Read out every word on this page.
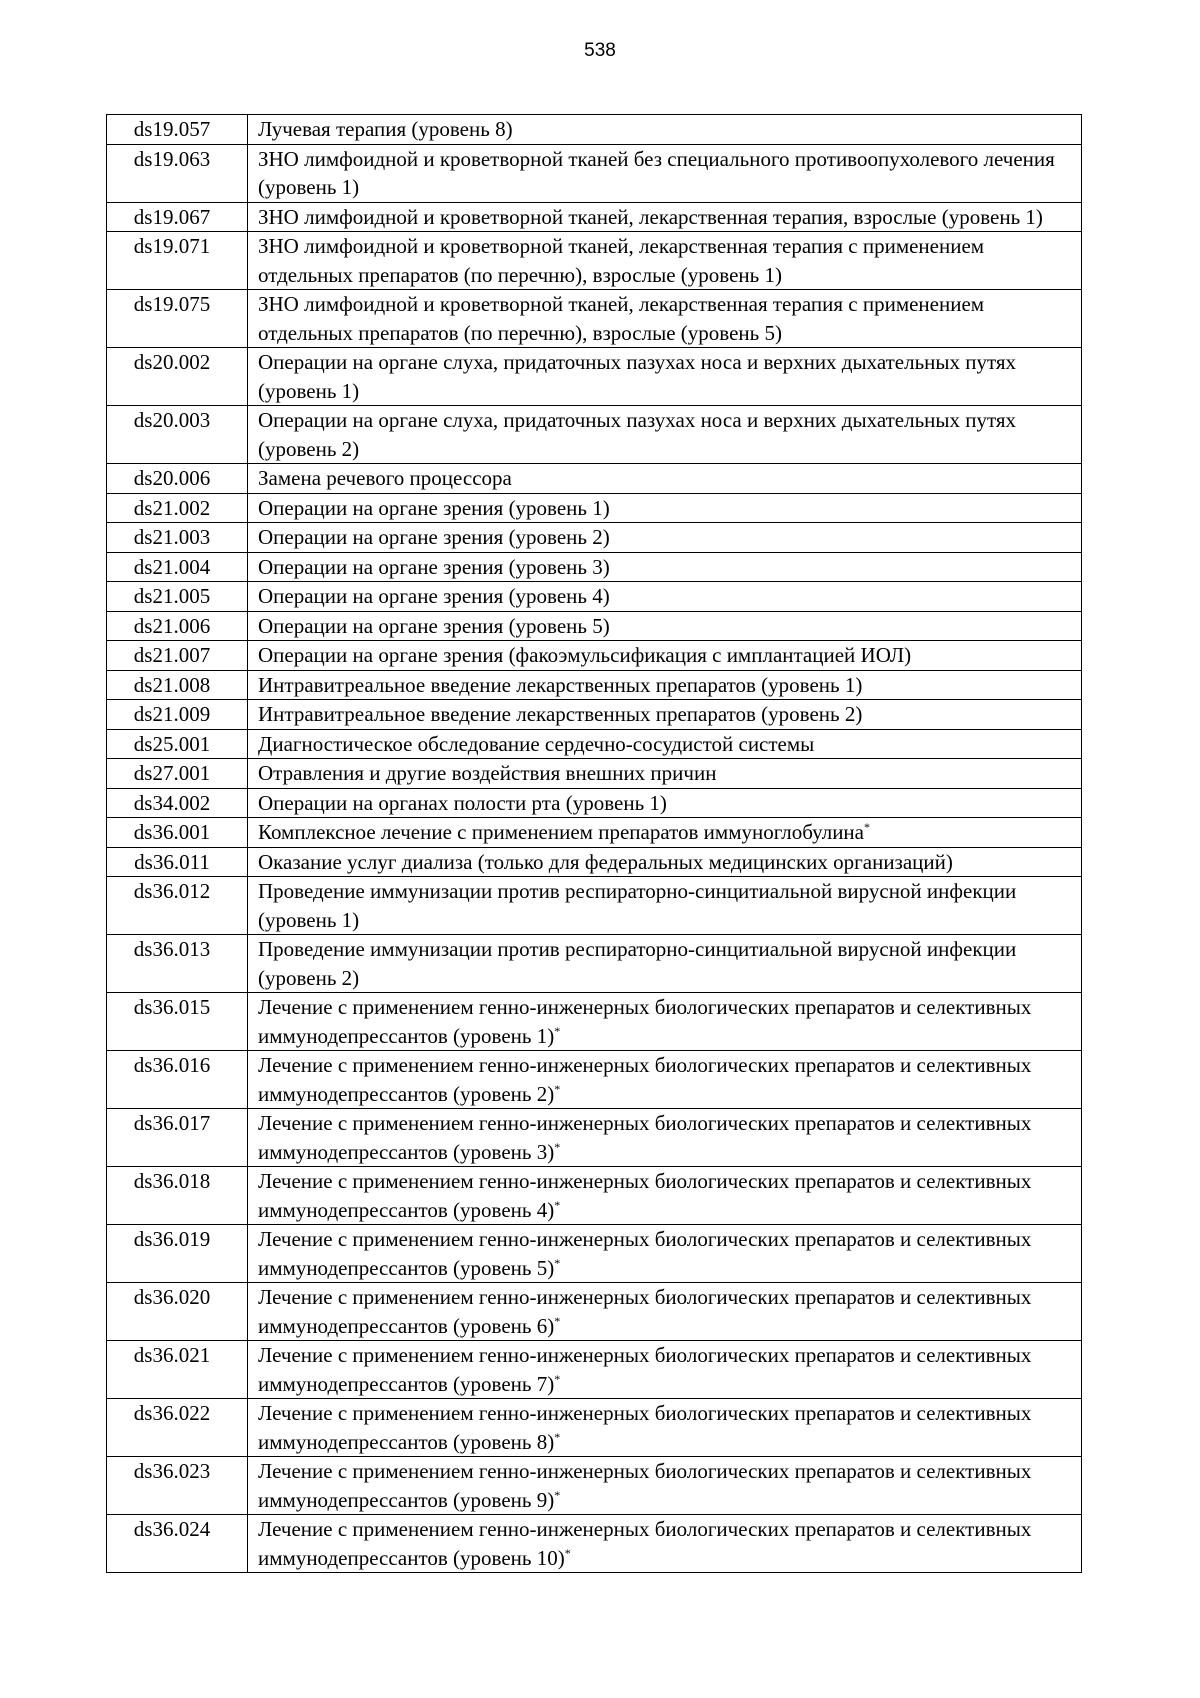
538
ds19.057	Лучевая терапия (уровень 8)
ds19.063	ЗНО лимфоидной и кроветворной тканей без специального противоопухолевого лечения (уровень 1)
ds19.067	ЗНО лимфоидной и кроветворной тканей, лекарственная терапия, взрослые (уровень 1)
ds19.071	ЗНО лимфоидной и кроветворной тканей, лекарственная терапия с применением отдельных препаратов (по перечню), взрослые (уровень 1)
ds19.075	ЗНО лимфоидной и кроветворной тканей, лекарственная терапия с применением отдельных препаратов (по перечню), взрослые (уровень 5)
ds20.002	Операции на органе слуха, придаточных пазухах носа и верхних дыхательных путях (уровень 1)
ds20.003	Операции на органе слуха, придаточных пазухах носа и верхних дыхательных путях (уровень 2)
ds20.006	Замена речевого процессора
ds21.002	Операции на органе зрения (уровень 1)
ds21.003	Операции на органе зрения (уровень 2)
ds21.004	Операции на органе зрения (уровень 3)
ds21.005	Операции на органе зрения (уровень 4)
ds21.006	Операции на органе зрения (уровень 5)
ds21.007	Операции на органе зрения (факоэмульсификация с имплантацией ИОЛ)
ds21.008	Интравитреальное введение лекарственных препаратов (уровень 1)
ds21.009	Интравитреальное введение лекарственных препаратов (уровень 2)
ds25.001	Диагностическое обследование сердечно-сосудистой системы
ds27.001	Отравления и другие воздействия внешних причин
ds34.002	Операции на органах полости рта (уровень 1)
ds36.001	Комплексное лечение с применением препаратов иммуноглобулина*
ds36.011	Оказание услуг диализа (только для федеральных медицинских организаций)
ds36.012	Проведение иммунизации против респираторно-синцитиальной вирусной инфекции (уровень 1)
ds36.013	Проведение иммунизации против респираторно-синцитиальной вирусной инфекции (уровень 2)
ds36.015	Лечение с применением генно-инженерных биологических препаратов и селективных иммунодепрессантов (уровень 1)*
ds36.016	Лечение с применением генно-инженерных биологических препаратов и селективных иммунодепрессантов (уровень 2)*
ds36.017	Лечение с применением генно-инженерных биологических препаратов и селективных иммунодепрессантов (уровень 3)*
ds36.018	Лечение с применением генно-инженерных биологических препаратов и селективных иммунодепрессантов (уровень 4)*
ds36.019	Лечение с применением генно-инженерных биологических препаратов и селективных иммунодепрессантов (уровень 5)*
ds36.020	Лечение с применением генно-инженерных биологических препаратов и селективных иммунодепрессантов (уровень 6)*
ds36.021	Лечение с применением генно-инженерных биологических препаратов и селективных иммунодепрессантов (уровень 7)*
ds36.022	Лечение с применением генно-инженерных биологических препаратов и селективных иммунодепрессантов (уровень 8)*
ds36.023	Лечение с применением генно-инженерных биологических препаратов и селективных иммунодепрессантов (уровень 9)*
ds36.024	Лечение с применением генно-инженерных биологических препаратов и селективных иммунодепрессантов (уровень 10)*
